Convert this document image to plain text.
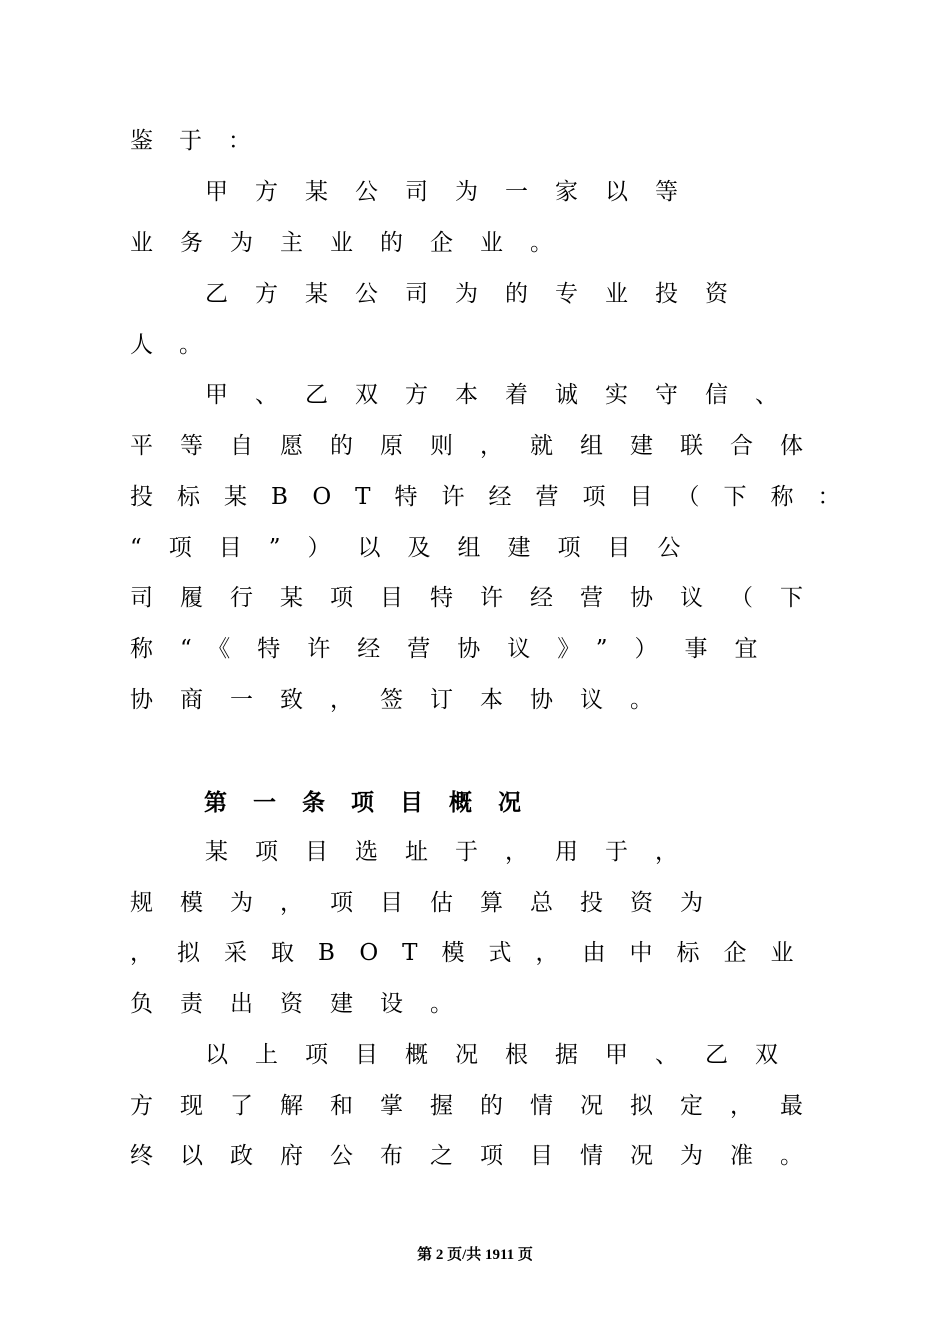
鉴于：
甲方某公司为一家以等
业务为主业的企业。
乙方某公司为的专业投资
人。
甲、乙双方本着诚实守信、
平等自愿的原则，就组建联合体
投标某BOT特许经营项目（下称：
“项目”）以及组建项目公
司履行某项目特许经营协议（下
称“《特许经营协议》”）事宜
协商一致，签订本协议。
第一条项目概况
某项目选址于，用于，
规模为，项目估算总投资为
，拟采取BOT模式，由中标企业
负责出资建设。
以上项目概况根据甲、乙双
方现了解和掌握的情况拟定，最
终以政府公布之项目情况为准。
第 2 页/共 1911 页
